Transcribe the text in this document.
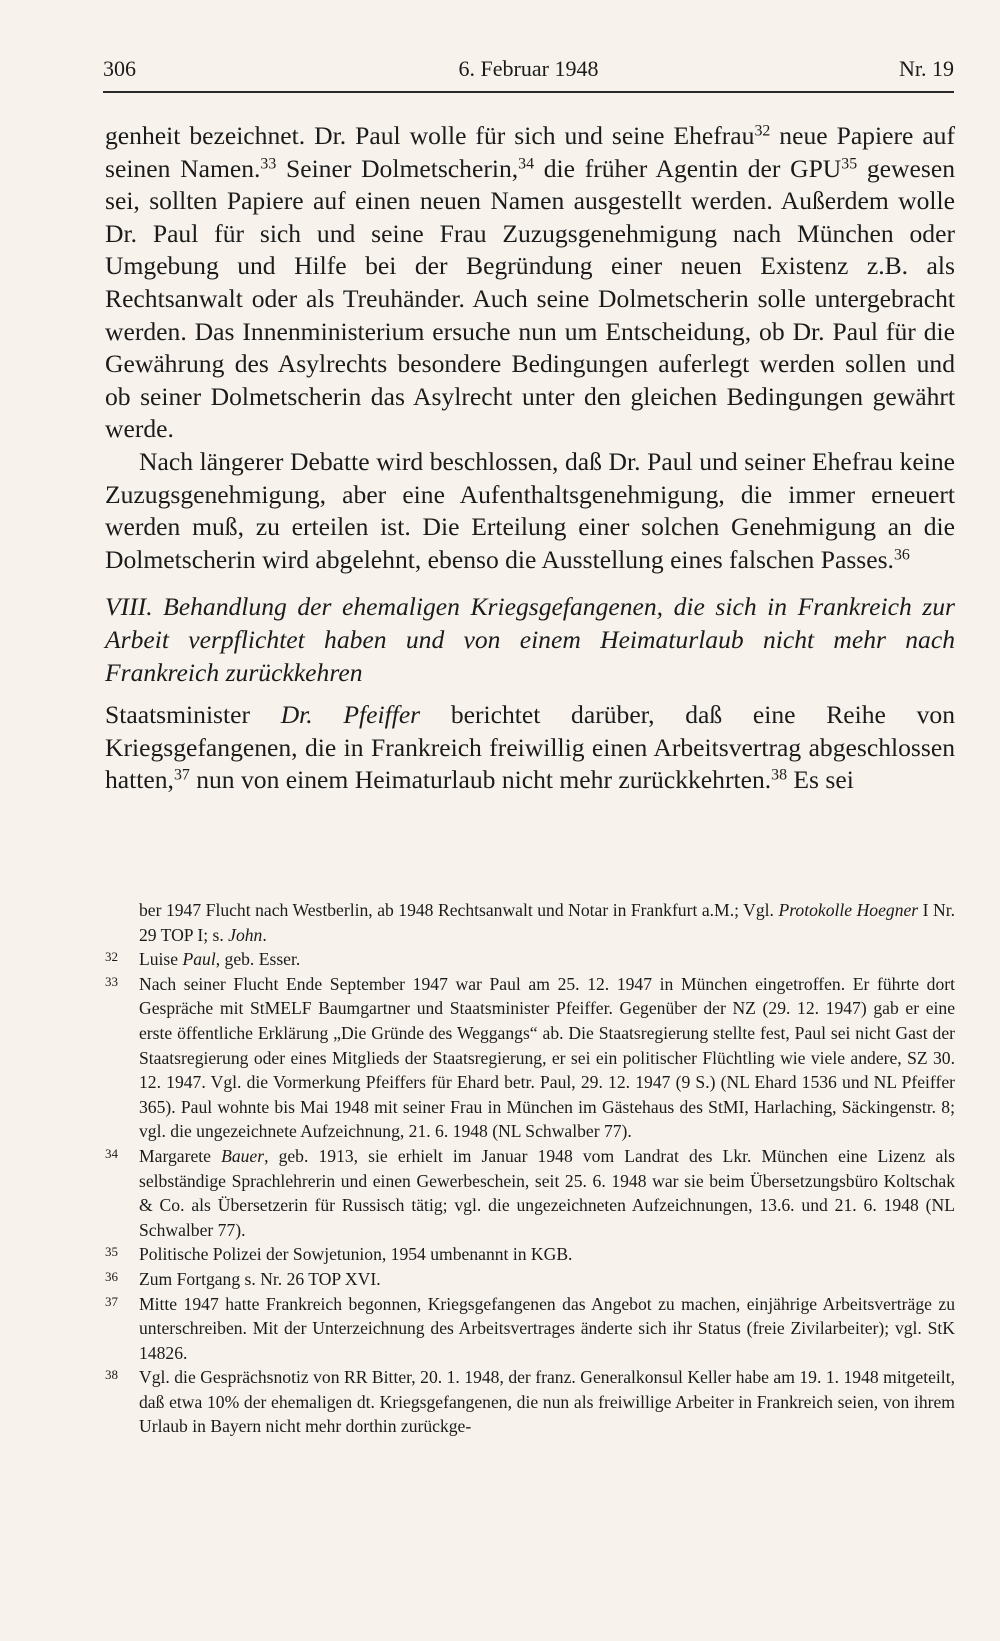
306	6. Februar 1948	Nr. 19

genheit bezeichnet. Dr. Paul wolle für sich und seine Ehefrau$^{32}$ neue Papiere auf seinen Namen.$^{33}$ Seiner Dolmetscherin,$^{34}$ die früher Agentin der GPU$^{35}$ gewesen sei, sollten Papiere auf einen neuen Namen ausgestellt werden. Außerdem wolle Dr. Paul für sich und seine Frau Zuzugsgenehmigung nach München oder Umgebung und Hilfe bei der Begründung einer neuen Existenz z.B. als Rechtsanwalt oder als Treuhänder. Auch seine Dolmetscherin solle untergebracht werden. Das Innenministerium ersuche nun um Entscheidung, ob Dr. Paul für die Gewährung des Asylrechts besondere Bedingungen auferlegt werden sollen und ob seiner Dolmetscherin das Asylrecht unter den gleichen Bedingungen gewährt werde.

Nach längerer Debatte wird beschlossen, daß Dr. Paul und seiner Ehefrau keine Zuzugsgenehmigung, aber eine Aufenthaltsgenehmigung, die immer erneuert werden muß, zu erteilen ist. Die Erteilung einer solchen Genehmigung an die Dolmetscherin wird abgelehnt, ebenso die Ausstellung eines falschen Passes.$^{36}$

VIII. Behandlung der ehemaligen Kriegsgefangenen, die sich in Frankreich zur Arbeit verpflichtet haben und von einem Heimaturlaub nicht mehr nach Frankreich zurückkehren

Staatsminister Dr. Pfeiffer berichtet darüber, daß eine Reihe von Kriegsgefangenen, die in Frankreich freiwillig einen Arbeitsvertrag abgeschlossen hatten,$^{37}$ nun von einem Heimaturlaub nicht mehr zurückkehrten.$^{38}$ Es sei

ber 1947 Flucht nach Westberlin, ab 1948 Rechtsanwalt und Notar in Frankfurt a.M.; Vgl. Protokolle Hoegner I Nr. 29 TOP I; s. John.
32 Luise Paul, geb. Esser.
33 Nach seiner Flucht Ende September 1947 war Paul am 25. 12. 1947 in München eingetroffen. Er führte dort Gespräche mit StMELF Baumgartner und Staatsminister Pfeiffer. Gegenüber der NZ (29. 12. 1947) gab er eine erste öffentliche Erklärung „Die Gründe des Weggangs“ ab. Die Staatsregierung stellte fest, Paul sei nicht Gast der Staatsregierung oder eines Mitglieds der Staatsregierung, er sei ein politischer Flüchtling wie viele andere, SZ 30. 12. 1947. Vgl. die Vormerkung Pfeiffers für Ehard betr. Paul, 29. 12. 1947 (9 S.) (NL Ehard 1536 und NL Pfeiffer 365). Paul wohnte bis Mai 1948 mit seiner Frau in München im Gästehaus des StMI, Harlaching, Säckingenstr. 8; vgl. die ungezeichnete Aufzeichnung, 21. 6. 1948 (NL Schwalber 77).
34 Margarete Bauer, geb. 1913, sie erhielt im Januar 1948 vom Landrat des Lkr. München eine Lizenz als selbständige Sprachlehrerin und einen Gewerbeschein, seit 25. 6. 1948 war sie beim Übersetzungsbüro Koltschak & Co. als Übersetzerin für Russisch tätig; vgl. die ungezeichneten Aufzeichnungen, 13.6. und 21. 6. 1948 (NL Schwalber 77).
35 Politische Polizei der Sowjetunion, 1954 umbenannt in KGB.
36 Zum Fortgang s. Nr. 26 TOP XVI.
37 Mitte 1947 hatte Frankreich begonnen, Kriegsgefangenen das Angebot zu machen, einjährige Arbeitsverträge zu unterschreiben. Mit der Unterzeichnung des Arbeitsvertrages änderte sich ihr Status (freie Zivilarbeiter); vgl. StK 14826.
38 Vgl. die Gesprächsnotiz von RR Bitter, 20. 1. 1948, der franz. Generalkonsul Keller habe am 19. 1. 1948 mitgeteilt, daß etwa 10% der ehemaligen dt. Kriegsgefangenen, die nun als freiwillige Arbeiter in Frankreich seien, von ihrem Urlaub in Bayern nicht mehr dorthin zurückge-
